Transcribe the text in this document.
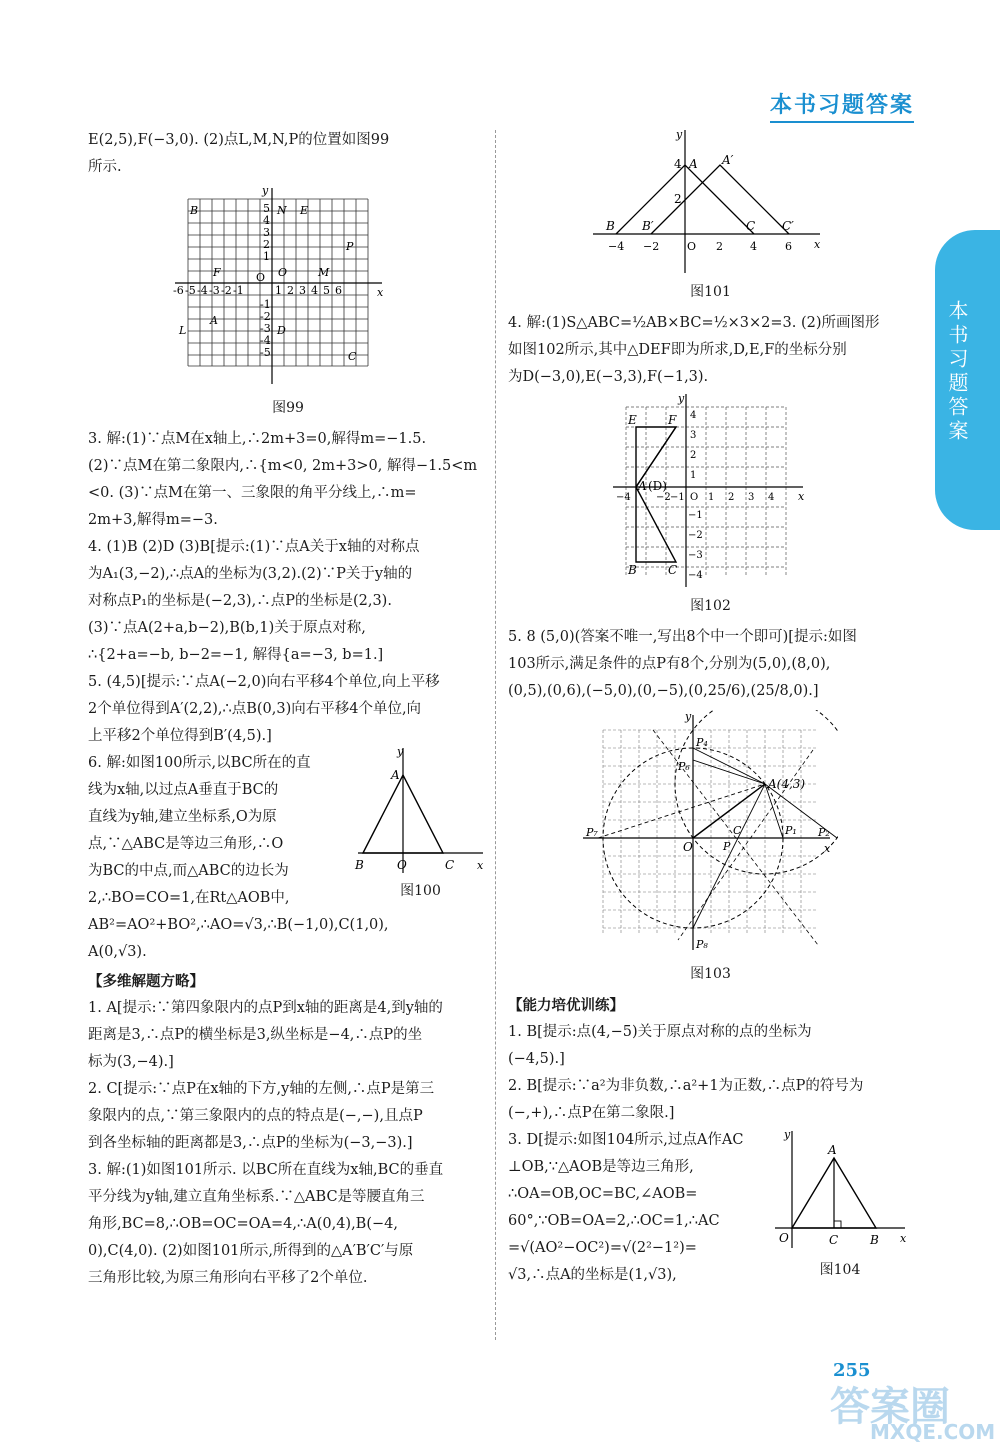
本书习题答案
本书习题答案

E(2,5),F(−3,0). (2)点L,M,N,P的位置如图99

所示.

x
y
-6 -5 -4 -3 -2 -1
O
1 2 3 4 5 6
5
4
3
2
1
-1
-2
-3
-4
-5
B	N E
P
F	O	M
A
L	D
C

图99

3. 解:(1)∵点M在x轴上,∴2m+3=0,解得m=−1.5.

(2)∵点M在第二象限内,∴{m<0, 2m+3>0, 解得−1.5<m

<0. (3)∵点M在第一、三象限的角平分线上,∴m=

2m+3,解得m=−3.

4. (1)B (2)D (3)B[提示:(1)∵点A关于x轴的对称点

为A₁(3,−2),∴点A的坐标为(3,2).(2)∵P关于y轴的

对称点P₁的坐标是(−2,3),∴点P的坐标是(2,3).

(3)∵点A(2+a,b−2),B(b,1)关于原点对称,

∴{2+a=−b, b−2=−1, 解得{a=−3, b=1.]

5. (4,5)[提示:∵点A(−2,0)向右平移4个单位,向上平移

2个单位得到A′(2,2),∴点B(0,3)向右平移4个单位,向

上平移2个单位得到B′(4,5).]

6. 解:如图100所示,以BC所在的直

线为x轴,以过点A垂直于BC的

直线为y轴,建立坐标系,O为原

点,∵△ABC是等边三角形,∴O

为BC的中点,而△ABC的边长为

2,∴BO=CO=1,在Rt△AOB中,

y
x
A
B	O	C

图100

AB²=AO²+BO²,∴AO=√3,∴B(−1,0),C(1,0),

A(0,√3).

【多维解题方略】

1. A[提示:∵第四象限内的点P到x轴的距离是4,到y轴的

距离是3,∴点P的横坐标是3,纵坐标是−4,∴点P的坐

标为(3,−4).]

2. C[提示:∵点P在x轴的下方,y轴的左侧,∴点P是第三

象限内的点,∵第三象限内的点的特点是(−,−),且点P

到各坐标轴的距离都是3,∴点P的坐标为(−3,−3).]

3. 解:(1)如图101所示. 以BC所在直线为x轴,BC的垂直

平分线为y轴,建立直角坐标系.∵△ABC是等腰直角三

角形,BC=8,∴OB=OC=OA=4,∴A(0,4),B(−4,

0),C(4,0). (2)如图101所示,所得到的△A′B′C′与原

三角形比较,为原三角形向右平移了2个单位.

y
x
4 A A′
2
B B′	C C′
−4 −2	O 2 4	6

图101

4. 解:(1)S△ABC=½AB×BC=½×3×2=3. (2)所画图形

如图102所示,其中△DEF即为所求,D,E,F的坐标分别

为D(−3,0),E(−3,3),F(−1,3).

y
x
E	F
(D)
A
B	C
4
3
2
1
−1
−2
−3
−4
−4	−2 −1 O 1 2 3 4

图102

5. 8 (5,0)(答案不唯一,写出8个中一个即可)[提示:如图

103所示,满足条件的点P有8个,分别为(5,0),(8,0),

(0,5),(0,6),(−5,0),(0,−5),(0,25/6),(25/8,0).]

y
x
O
A(4,3)
P₄
P₆
P₇	P₂
P₁
C
P
P₈

图103

【能力培优训练】

1. B[提示:点(4,−5)关于原点对称的点的坐标为

(−4,5).]

2. B[提示:∵a²为非负数,∴a²+1为正数,∴点P的符号为

(−,+),∴点P在第二象限.]

3. D[提示:如图104所示,过点A作AC

⊥OB,∵△AOB是等边三角形,

∴OA=OB,OC=BC,∠AOB=

60°,∵OB=OA=2,∴OC=1,∴AC

=√(AO²−OC²)=√(2²−1²)=

√3,∴点A的坐标是(1,√3),

y
x
A
O	C	B

图104

255
答案圈
MXQE.COM
